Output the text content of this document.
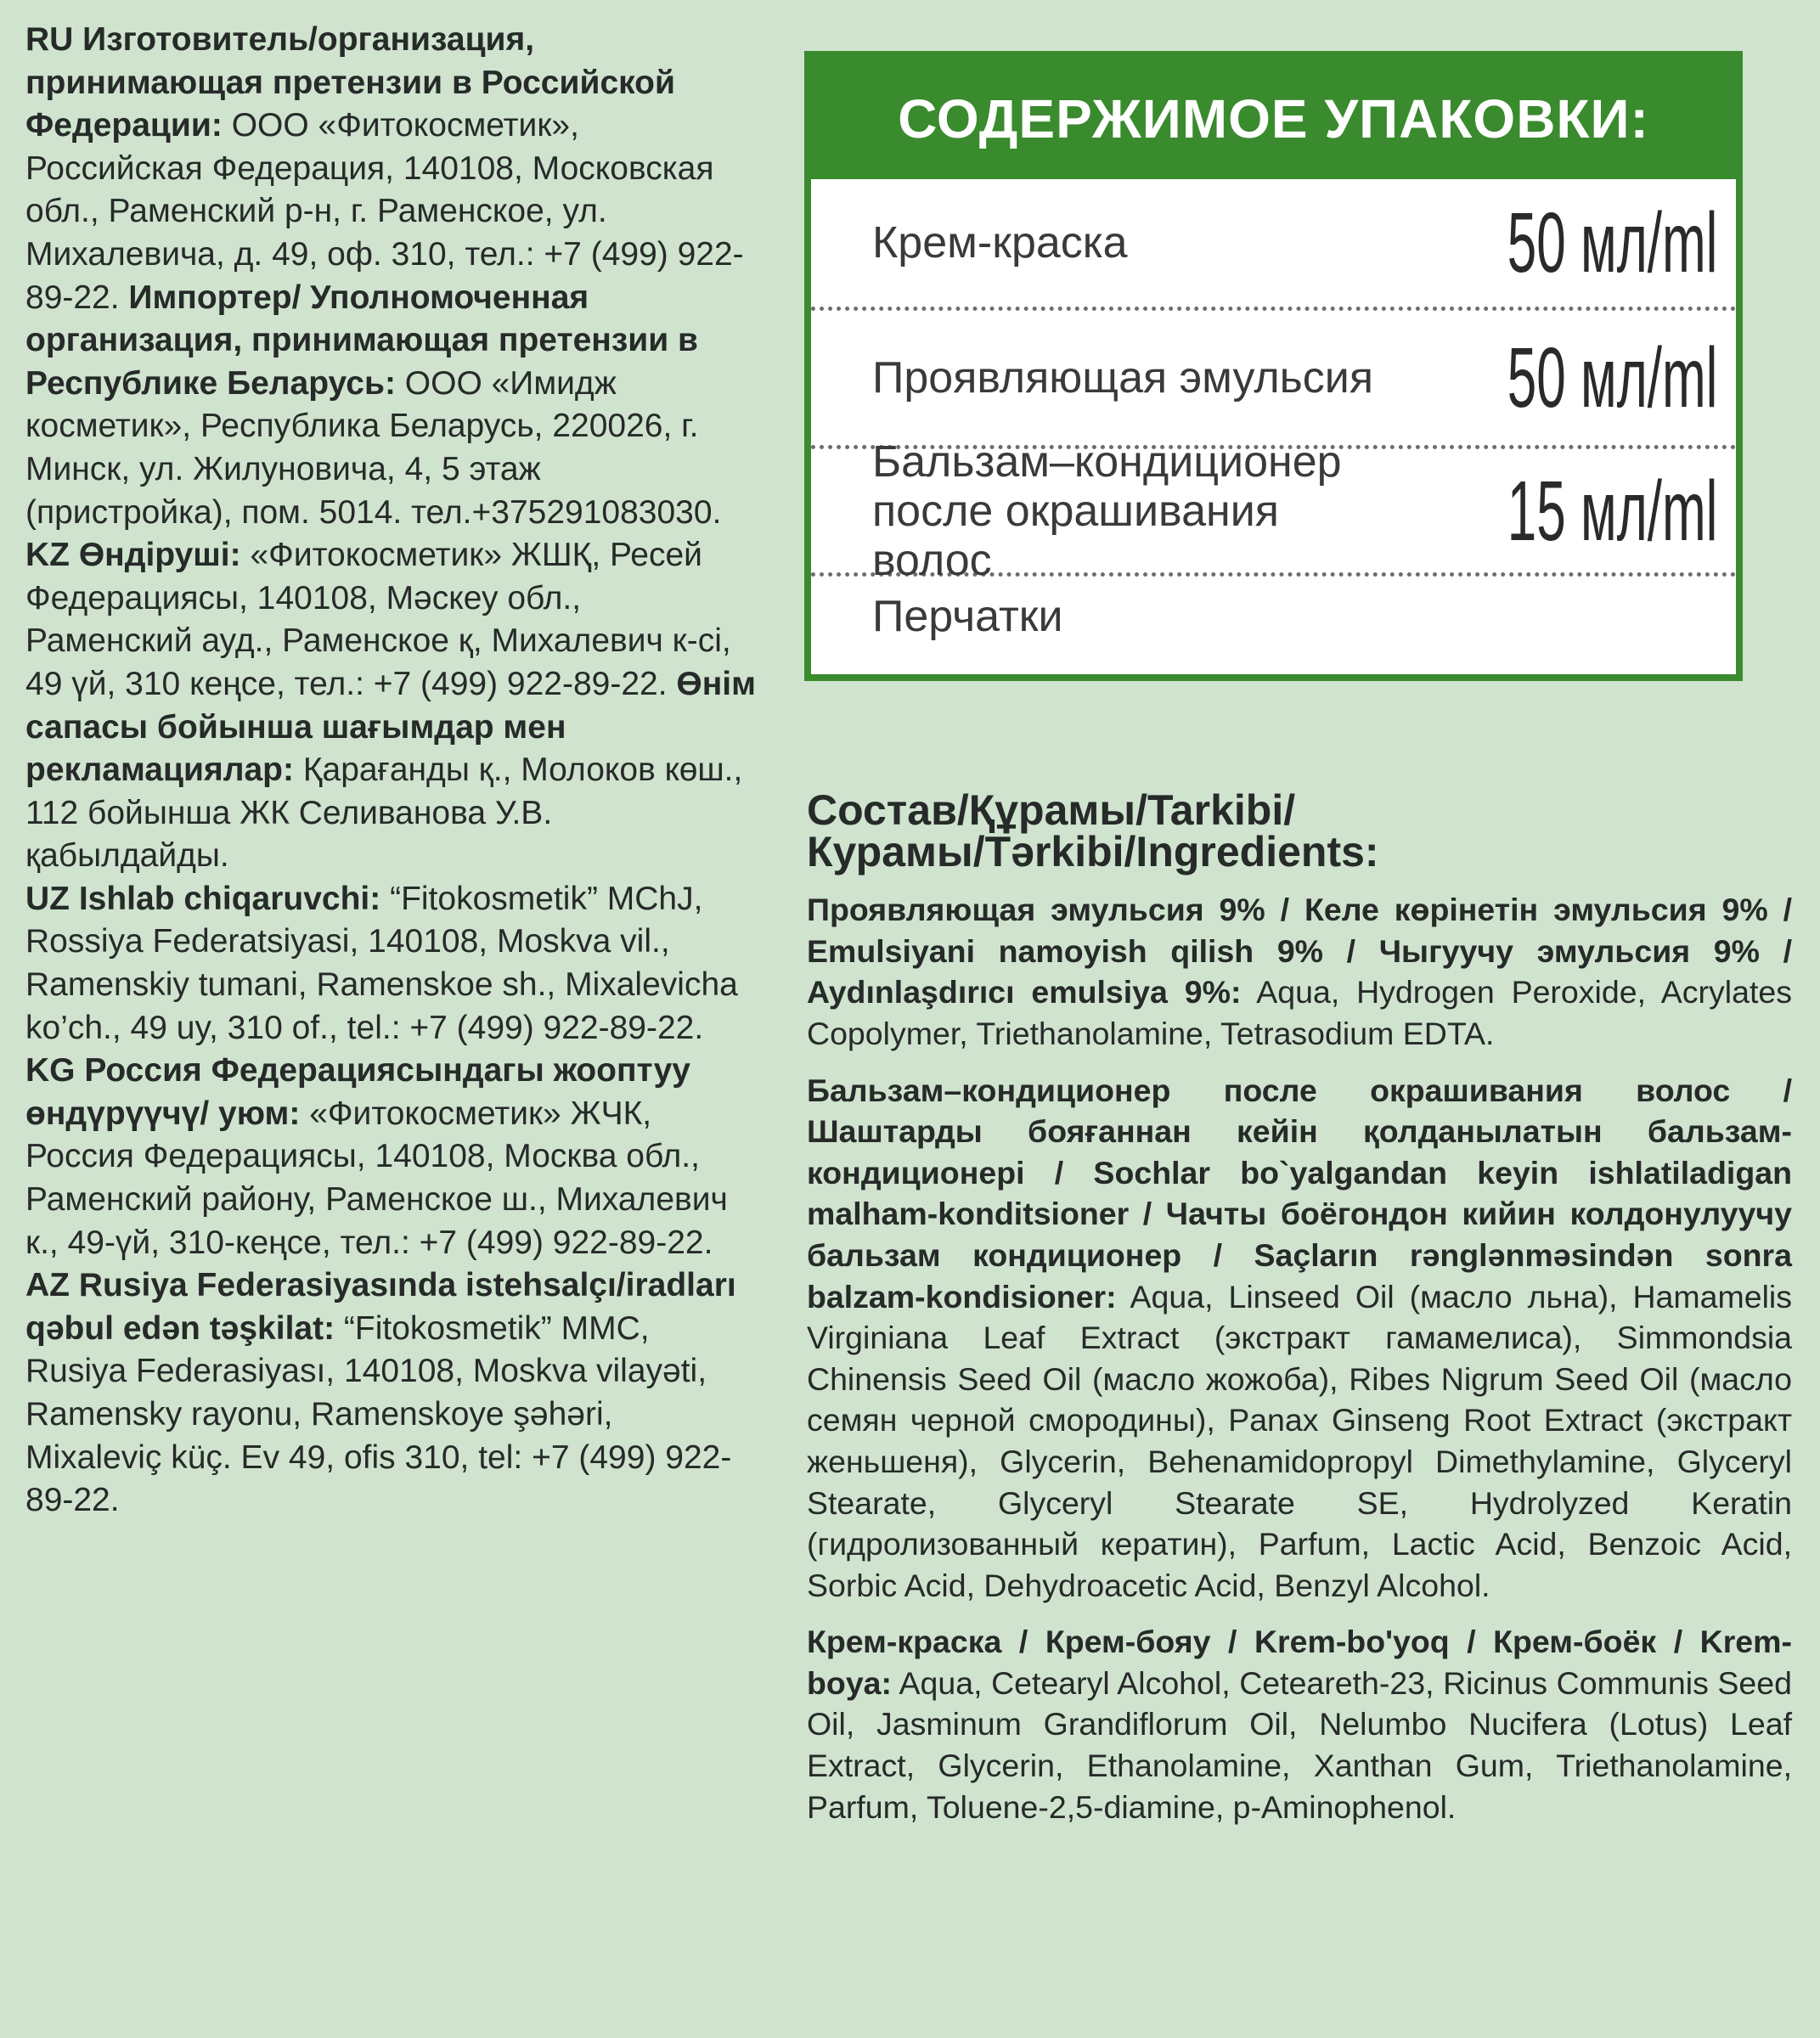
RU Изготовитель/организация, принимающая претензии в Российской Федерации: ООО «Фитокосметик», Российская Федерация, 140108, Московская обл., Раменский р-н, г. Раменское, ул. Михалевича, д. 49, оф. 310, тел.: +7 (499) 922-89-22. Импортер/ Уполномоченная организация, принимающая претензии в Республике Беларусь: ООО «Имидж косметик», Республика Беларусь, 220026, г. Минск, ул. Жилуновича, 4, 5 этаж (пристройка), пом. 5014. тел.+375291083030.

KZ Өндіруші: «Фитокосметик» ЖШҚ, Ресей Федерациясы, 140108, Мәскеу обл., Раменский ауд., Раменское қ, Михалевич к-сі, 49 үй, 310 кеңсе, тел.: +7 (499) 922-89-22. Өнім сапасы бойынша шағымдар мен рекламациялар: Қарағанды қ., Молоков көш., 112 бойынша ЖК Селиванова У.В. қабылдайды.

UZ Ishlab chiqaruvchi: “Fitokosmetik” MChJ, Rossiya Federatsiyasi, 140108, Moskva vil., Ramenskiy tumani, Ramenskoe sh., Mixalevicha ko’ch., 49 uy, 310 of., tel.: +7 (499) 922-89-22.

KG Россия Федерациясындагы жооптуу өндүрүүчү/ уюм: «Фитокосметик» ЖЧК, Россия Федерациясы, 140108, Москва обл., Раменский району, Раменское ш., Михалевич к., 49-үй, 310-кеңсе, тел.: +7 (499) 922-89-22.

AZ Rusiya Federasiyasında istehsalçı/iradları qəbul edən təşkilat: “Fitokosmetik” MMC, Rusiya Federasiyası, 140108, Moskva vilayəti, Ramensky rayonu, Ramenskoye şəhəri, Mixaleviç küç. Ev 49, ofis 310, tel: +7 (499) 922-89-22.

СОДЕРЖИМОЕ УПАКОВКИ:
Крем-краска	50 мл/ml
Проявляющая эмульсия 50 мл/ml
Бальзам–кондиционер после окрашивания волос
15 мл/ml
Перчатки

Состав/Құрамы/Tarkibi/Курамы/Tərkibi/Ingredients:

Проявляющая эмульсия 9% / Келе көрінетін эмульсия 9% / Emulsiyani namoyish qilish 9% / Чыгуучу эмульсия 9% / Aydınlaşdırıcı emulsiya 9%: Aqua, Hydrogen Peroxide, Acrylates Copolymer, Triethanolamine, Tetrasodium EDTA.

Бальзам–кондиционер после окрашивания волос / Шаштарды бояғаннан кейін қолданылатын бальзам-кондиционері / Sochlar bo`yalgandan keyin ishlatiladigan malham-konditsioner / Чачты боёгондон кийин колдонулуучу бальзам кондиционер / Saçların rənglənməsindən sonra balzam-kondisioner: Aqua, Linseed Oil (масло льна), Hamamelis Virginiana Leaf Extract (экстракт гамамелиса), Simmondsia Chinensis Seed Oil (масло жожоба), Ribes Nigrum Seed Oil (масло семян черной смородины), Panax Ginseng Root Extract (экстракт женьшеня), Glycerin, Behenamidopropyl Dimethylamine, Glyceryl Stearate, Glyceryl Stearate SE, Hydrolyzed Keratin (гидролизованный кератин), Parfum, Lactic Acid, Benzoic Acid, Sorbic Acid, Dehydroacetic Acid, Benzyl Alcohol.

Крем-краска / Крем-бояу / Krem-bo'yoq / Крем-боёк / Krem-boya: Aqua, Cetearyl Alcohol, Ceteareth-23, Ricinus Communis Seed Oil, Jasminum Grandiflorum Oil, Nelumbo Nucifera (Lotus) Leaf Extract, Glycerin, Ethanolamine, Xanthan Gum, Triethanolamine, Parfum, Toluene-2,5-diamine, p-Aminophenol.
